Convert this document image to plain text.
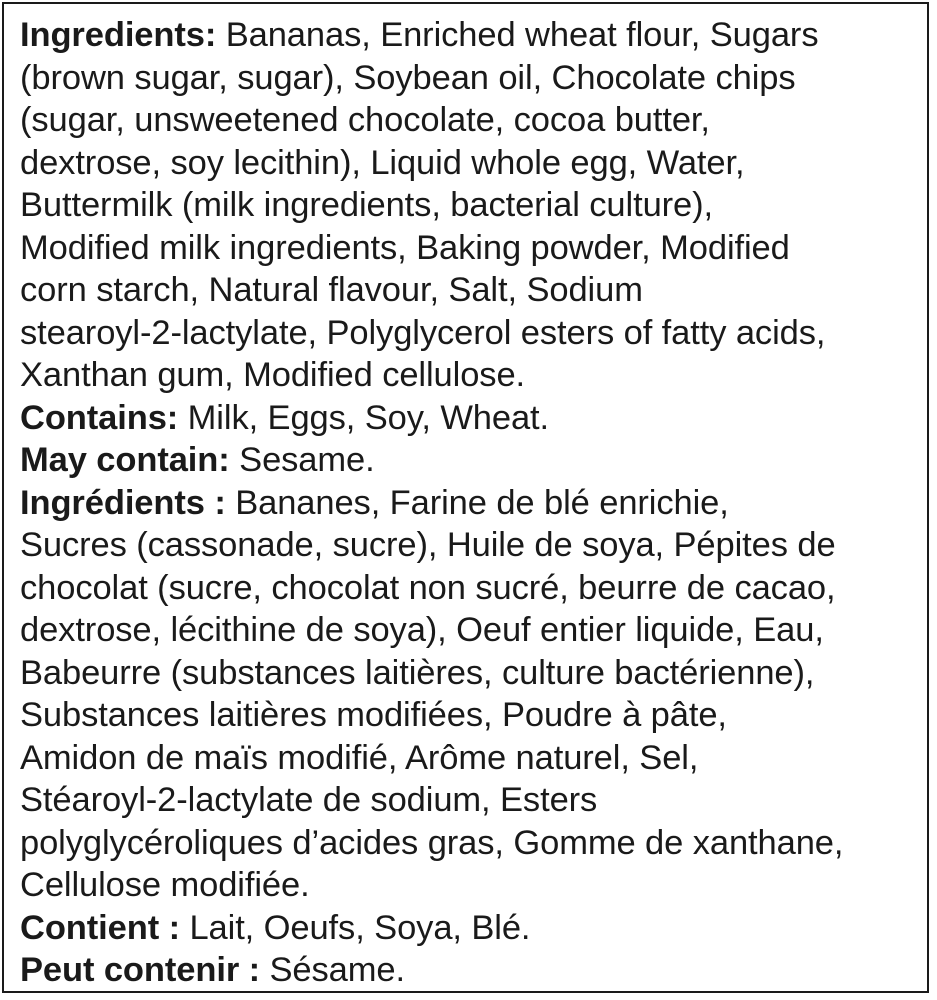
Ingredients: Bananas, Enriched wheat flour, Sugars
(brown sugar, sugar), Soybean oil, Chocolate chips
(sugar, unsweetened chocolate, cocoa butter,
dextrose, soy lecithin), Liquid whole egg, Water,
Buttermilk (milk ingredients, bacterial culture),
Modified milk ingredients, Baking powder, Modified
corn starch, Natural flavour, Salt, Sodium
stearoyl-2-lactylate, Polyglycerol esters of fatty acids,
Xanthan gum, Modified cellulose.
Contains: Milk, Eggs, Soy, Wheat.
May contain: Sesame.
Ingrédients : Bananes, Farine de blé enrichie,
Sucres (cassonade, sucre), Huile de soya, Pépites de
chocolat (sucre, chocolat non sucré, beurre de cacao,
dextrose, lécithine de soya), Oeuf entier liquide, Eau,
Babeurre (substances laitières, culture bactérienne),
Substances laitières modifiées, Poudre à pâte,
Amidon de maïs modifié, Arôme naturel, Sel,
Stéaroyl-2-lactylate de sodium, Esters
polyglycéroliques d’acides gras, Gomme de xanthane,
Cellulose modifiée.
Contient : Lait, Oeufs, Soya, Blé.
Peut contenir : Sésame.
